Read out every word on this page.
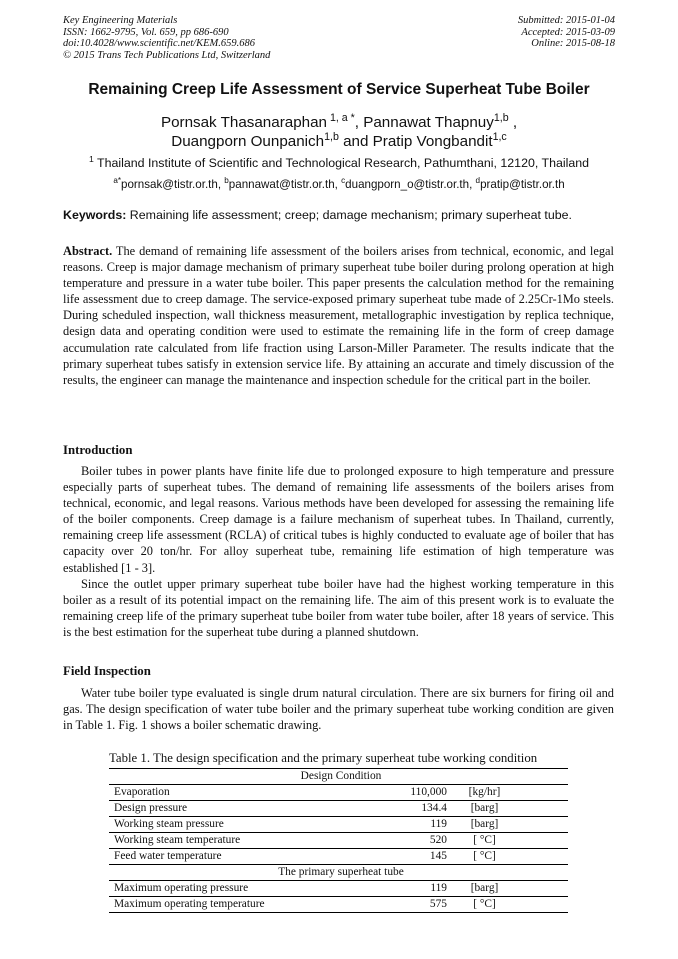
Key Engineering Materials
ISSN: 1662-9795, Vol. 659, pp 686-690
doi:10.4028/www.scientific.net/KEM.659.686
© 2015 Trans Tech Publications Ltd, Switzerland
Submitted: 2015-01-04
Accepted: 2015-03-09
Online: 2015-08-18
Remaining Creep Life Assessment of Service Superheat Tube Boiler
Pornsak Thasanaraphan $^{1, a *}$, Pannawat Thapnuy$^{1,b}$ ,
Duangporn Ounpanich$^{1,b}$ and Pratip Vongbandit$^{1,c}$
$^1$ Thailand Institute of Scientific and Technological Research, Pathumthani, 12120, Thailand
$^{a*}$pornsak@tistr.or.th, $^b$pannawat@tistr.or.th, $^c$duangporn_o@tistr.or.th, $^d$pratip@tistr.or.th
Keywords: Remaining life assessment; creep; damage mechanism; primary superheat tube.
Abstract. The demand of remaining life assessment of the boilers arises from technical, economic, and legal reasons. Creep is major damage mechanism of primary superheat tube boiler during prolong operation at high temperature and pressure in a water tube boiler. This paper presents the calculation method for the remaining life assessment due to creep damage. The service-exposed primary superheat tube made of 2.25Cr-1Mo steels. During scheduled inspection, wall thickness measurement, metallographic investigation by replica technique, design data and operating condition were used to estimate the remaining life in the form of creep damage accumulation rate calculated from life fraction using Larson-Miller Parameter. The results indicate that the primary superheat tubes satisfy in extension service life. By attaining an accurate and timely discussion of the results, the engineer can manage the maintenance and inspection schedule for the critical part in the boiler.
Introduction
Boiler tubes in power plants have finite life due to prolonged exposure to high temperature and pressure especially parts of superheat tubes. The demand of remaining life assessments of the boilers arises from technical, economic, and legal reasons. Various methods have been developed for assessing the remaining life of the boiler components. Creep damage is a failure mechanism of superheat tubes. In Thailand, currently, remaining creep life assessment (RCLA) of critical tubes is highly conducted to evaluate age of boiler that has capacity over 20 ton/hr. For alloy superheat tube, remaining life estimation of high temperature was established [1 - 3].
Since the outlet upper primary superheat tube boiler have had the highest working temperature in this boiler as a result of its potential impact on the remaining life. The aim of this present work is to evaluate the remaining creep life of the primary superheat tube boiler from water tube boiler, after 18 years of service. This is the best estimation for the superheat tube during a planned shutdown.
Field Inspection
Water tube boiler type evaluated is single drum natural circulation. There are six burners for firing oil and gas. The design specification of water tube boiler and the primary superheat tube working condition are given in Table 1. Fig. 1 shows a boiler schematic drawing.
Table 1. The design specification and the primary superheat tube working condition
Design Condition			
Evaporation	110,000	[kg/hr]	
Design pressure	134.4	[barg]	
Working steam pressure	119	[barg]	
Working steam temperature	520	[ °C]	
Feed water temperature	145	[ °C]	
The primary superheat tube			
Maximum operating pressure	119	[barg]	
Maximum operating temperature	575	[ °C]	
